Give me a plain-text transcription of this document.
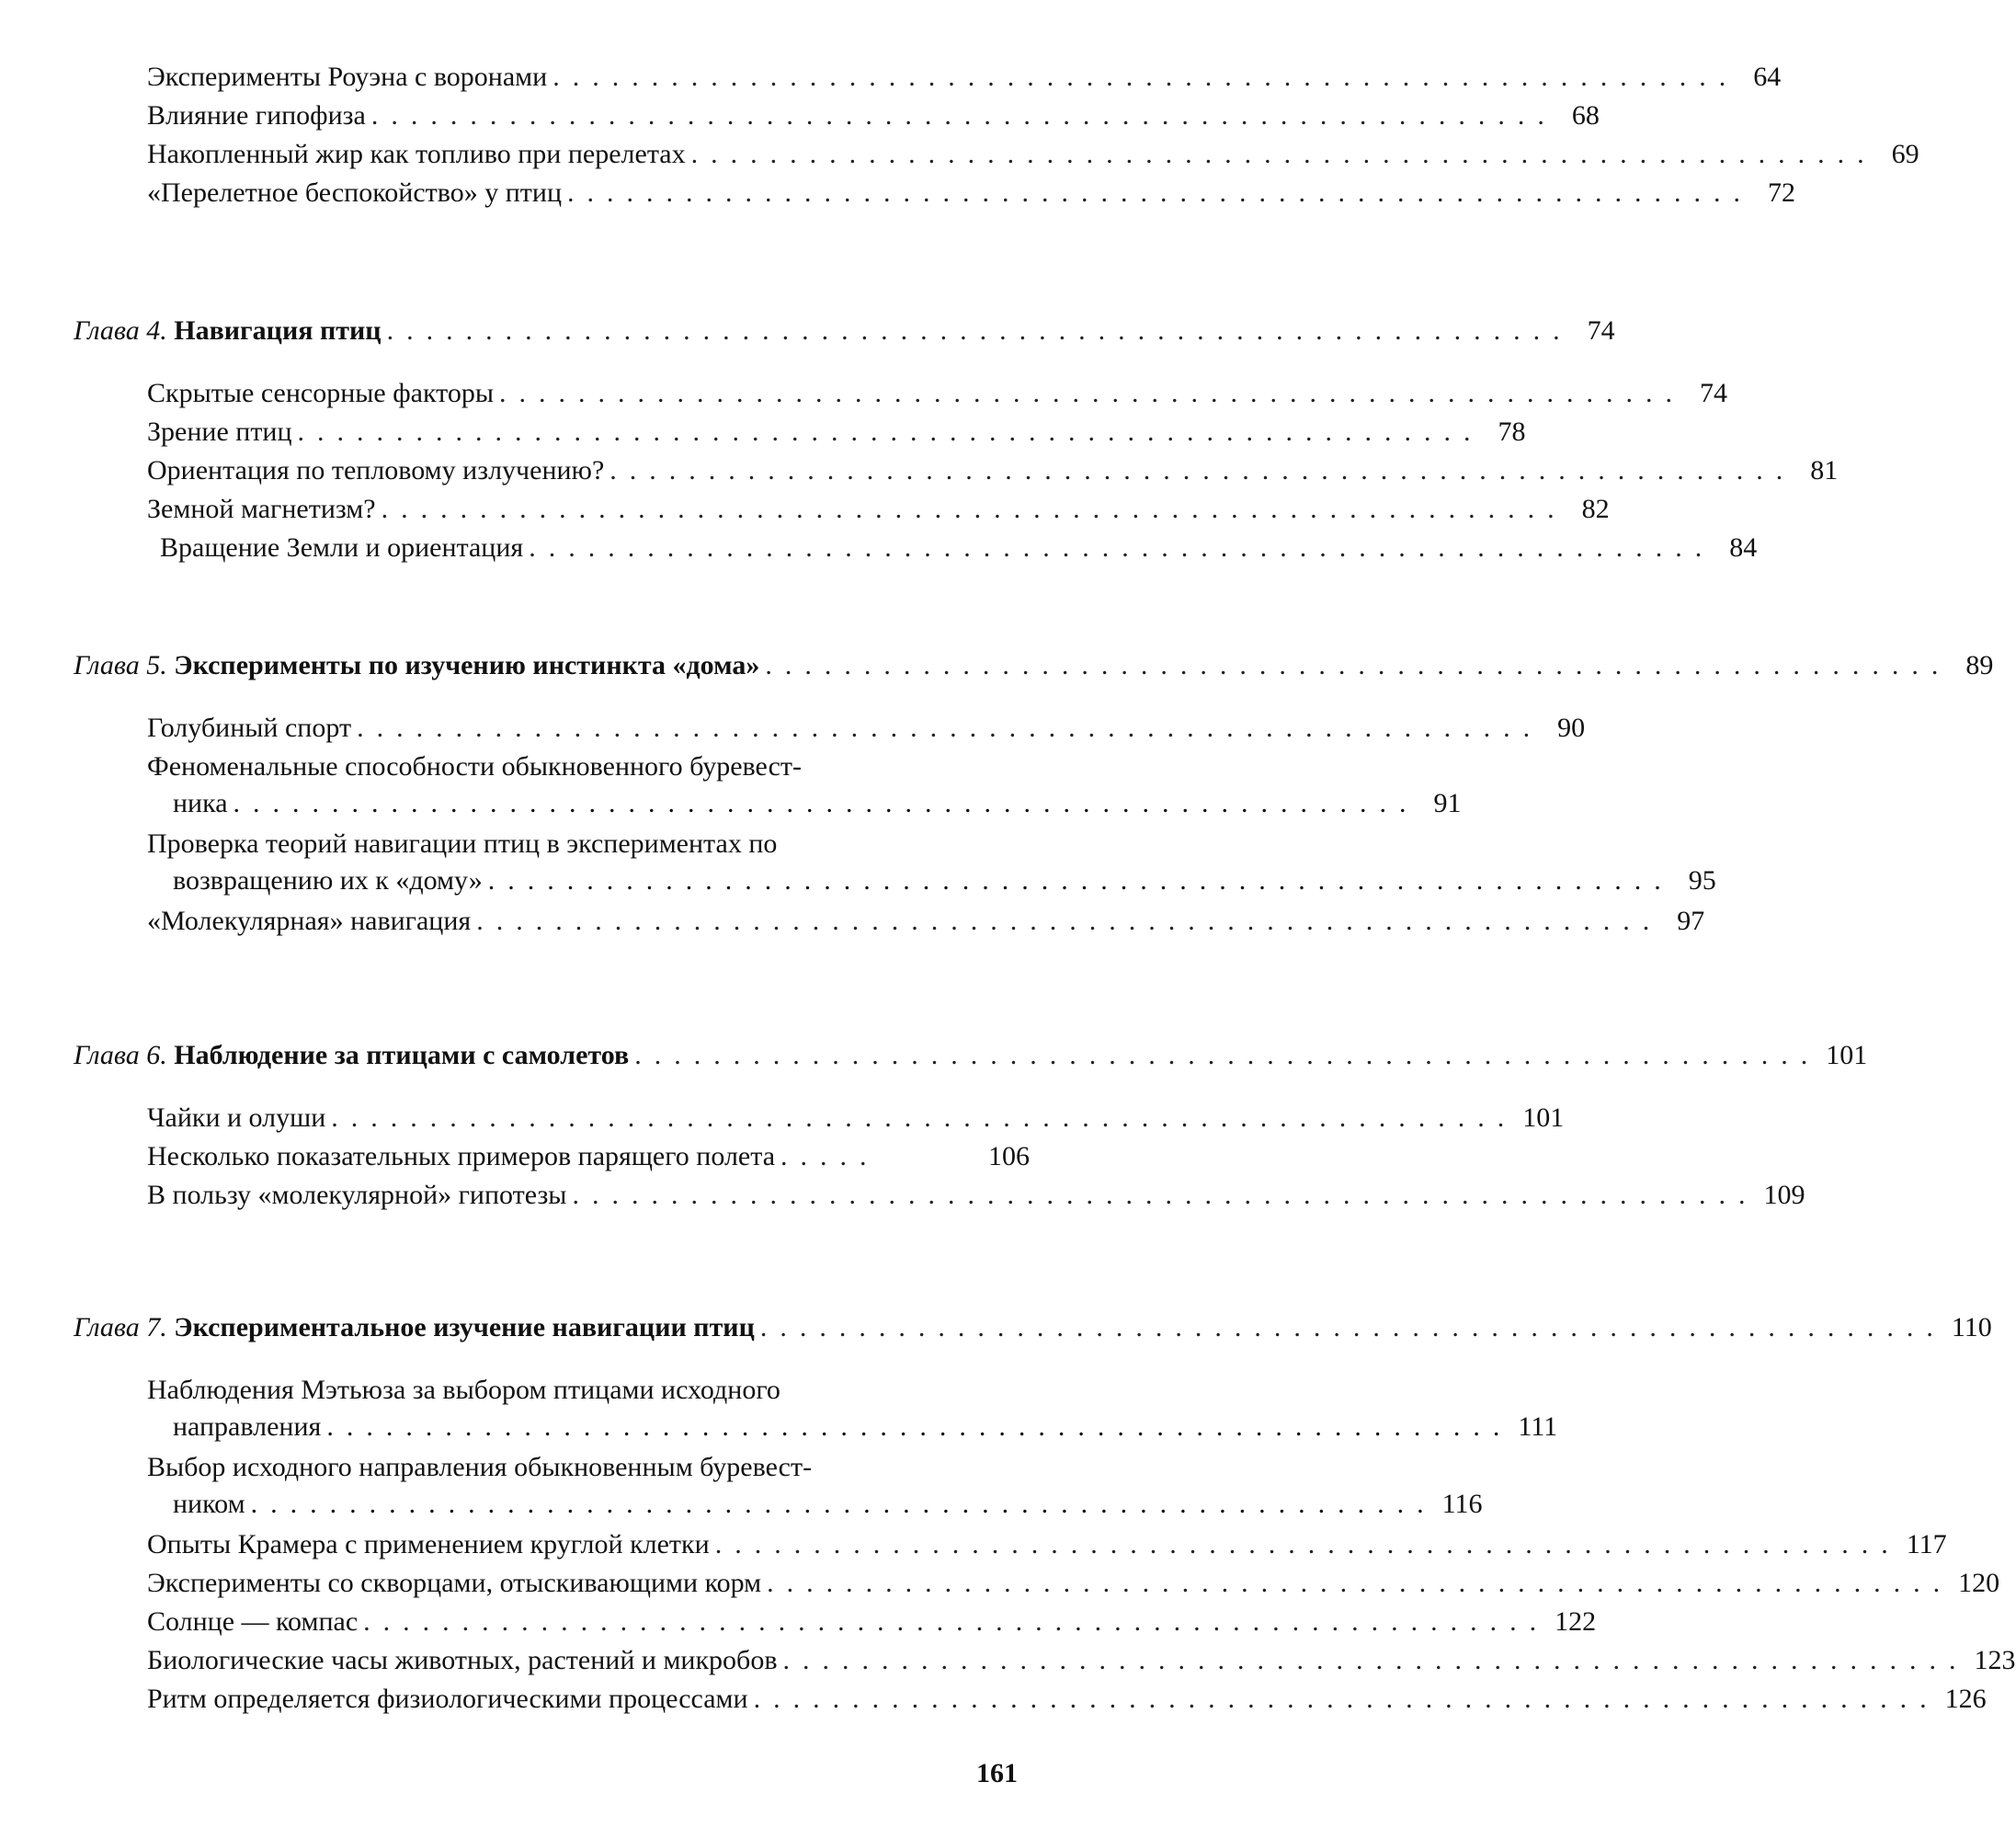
Эксперименты Роуэна с воронами ............................................................ 64
Влияние гипофиза ............................................................ 68
Накопленный жир как топливо при перелетах ............................................................ 69
«Перелетное беспокойство» у птиц ............................................................ 72
Глава 4.
Навигация птиц ............................................................ 74
Скрытые сенсорные факторы ............................................................ 74
Зрение птиц ............................................................ 78
Ориентация по тепловому излучению? ............................................................ 81
Земной магнетизм? ............................................................ 82
Вращение Земли и ориентация ............................................................ 84
Глава 5.
Эксперименты по изучению инстинкта «дома» ............................................................ 89
Голубиный спорт ............................................................ 90
Феноменальные способности обыкновенного буревест-
ника ............................................................ 91
Проверка теорий навигации птиц в экспериментах по
возвращению их к «дому» ............................................................ 95
«Молекулярная» навигация ............................................................ 97
Глава 6.
Наблюдение за птицами с самолетов ............................................................ 101
Чайки и олуши ............................................................ 101
Несколько показательных примеров парящего полета .....	106
В пользу «молекулярной» гипотезы ............................................................ 109
Глава 7.
Экспериментальное изучение навигации птиц ............................................................ 110
Наблюдения Мэтьюза за выбором птицами исходного
направления ............................................................ 111
Выбор исходного направления обыкновенным буревест-
ником ............................................................ 116
Опыты Крамера с применением круглой клетки ............................................................ 117
Эксперименты со скворцами, отыскивающими корм ............................................................ 120
Солнце — компас ............................................................ 122
Биологические часы животных, растений и микробов ............................................................ 123
Ритм определяется физиологическими процессами ............................................................ 126
161
